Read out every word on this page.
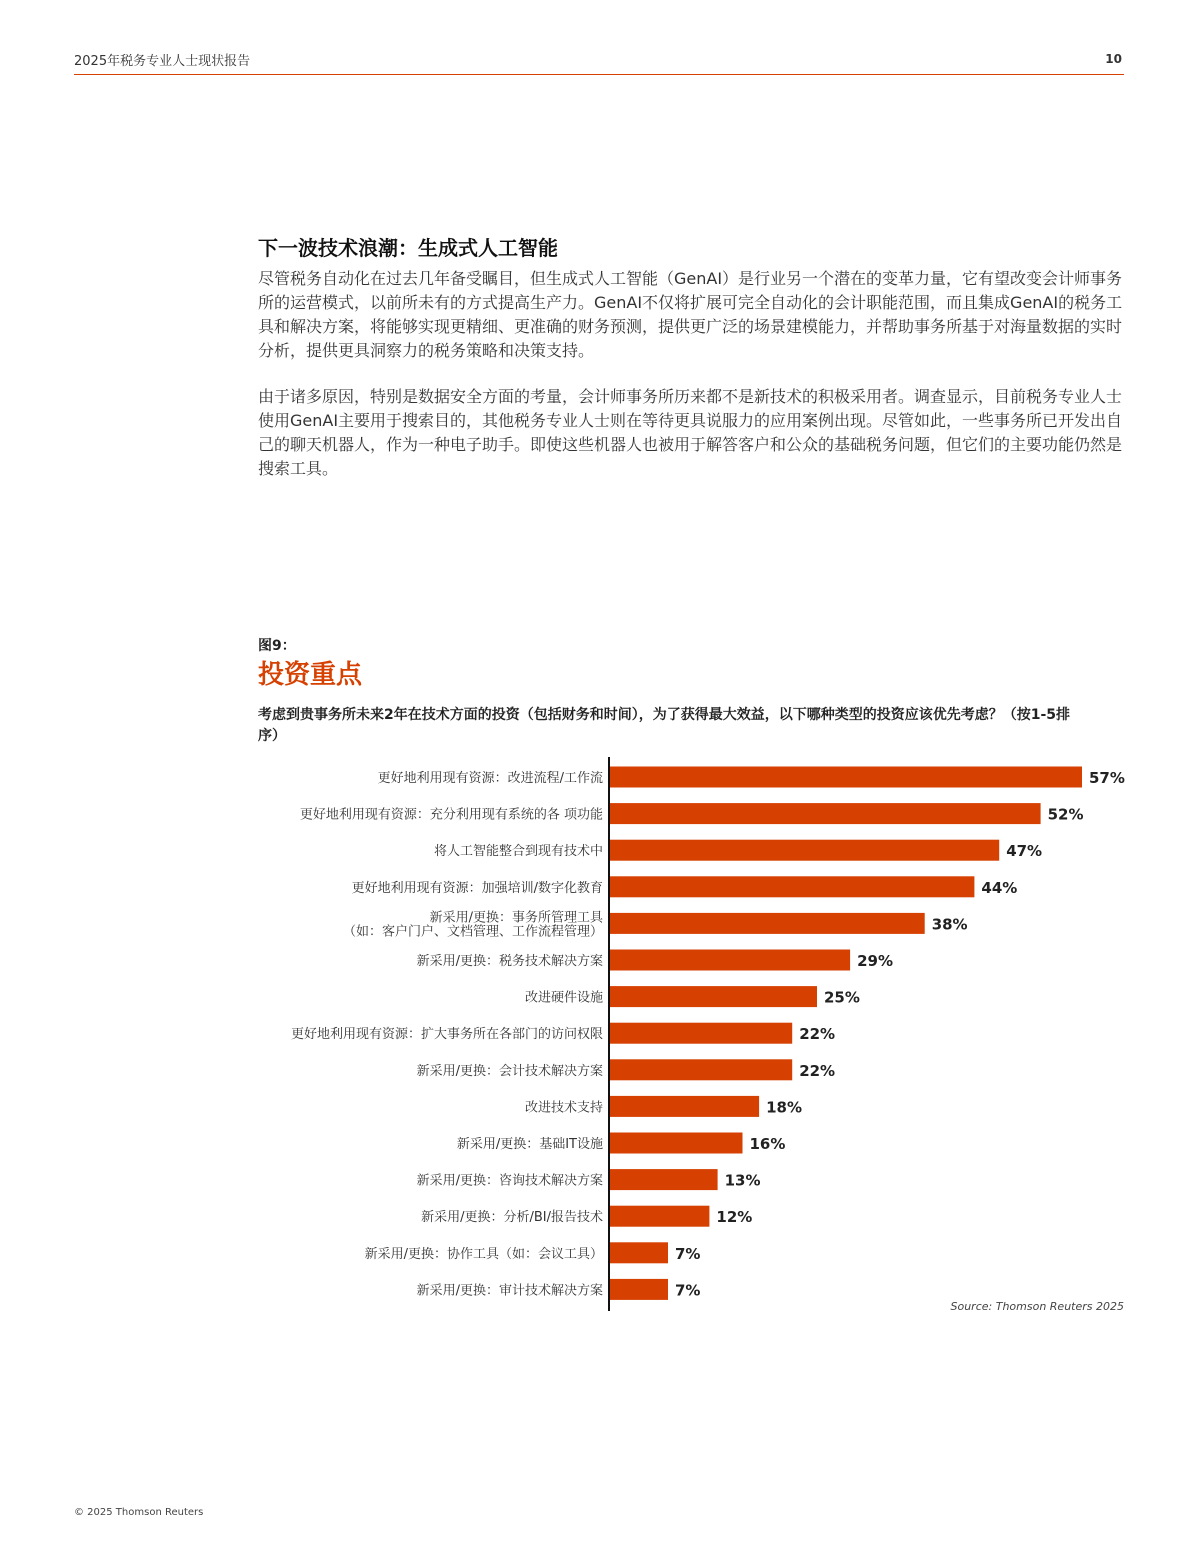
2025年税务专业人士现状报告	10
下一波技术浪潮：生成式人工智能

尽管税务自动化在过去几年备受瞩目，但生成式人工智能（GenAI）是行业另一个潜在的变革力量，它有望改变会计师事务所的运营模式，以前所未有的方式提高生产力。GenAI不仅将扩展可完全自动化的会计职能范围，而且集成GenAI的税务工具和解决方案，将能够实现更精细、更准确的财务预测，提供更广泛的场景建模能力，并帮助事务所基于对海量数据的实时分析，提供更具洞察力的税务策略和决策支持。

由于诸多原因，特别是数据安全方面的考量，会计师事务所历来都不是新技术的积极采用者。调查显示，目前税务专业人士使用GenAI主要用于搜索目的，其他税务专业人士则在等待更具说服力的应用案例出现。尽管如此，一些事务所已开发出自己的聊天机器人，作为一种电子助手。即使这些机器人也被用于解答客户和公众的基础税务问题，但它们的主要功能仍然是搜索工具。

图9：
投资重点

考虑到贵事务所未来2年在技术方面的投资（包括财务和时间），为了获得最大效益，以下哪种类型的投资应该优先考虑？（按1-5排序）

更好地利用现有资源：改进流程/工作流
更好地利用现有资源：充分利用现有系统的各 项功能
将人工智能整合到现有技术中
更好地利用现有资源：加强培训/数字化教育
新采用/更换：事务所管理工具
（如：客户门户、文档管理、工作流程管理）
新采用/更换：税务技术解决方案
改进硬件设施
更好地利用现有资源：扩大事务所在各部门的访问权限
新采用/更换：会计技术解决方案
改进技术支持
新采用/更换：基础IT设施
新采用/更换：咨询技术解决方案
新采用/更换：分析/BI/报告技术
新采用/更换：协作工具（如：会议工具）
新采用/更换：审计技术解决方案
57%
52%
47%
44%
38%
29%
25%
22%
22%
18%
16%
13%
12%
7%
7%
Source: Thomson Reuters 2025
© 2025 Thomson Reuters
